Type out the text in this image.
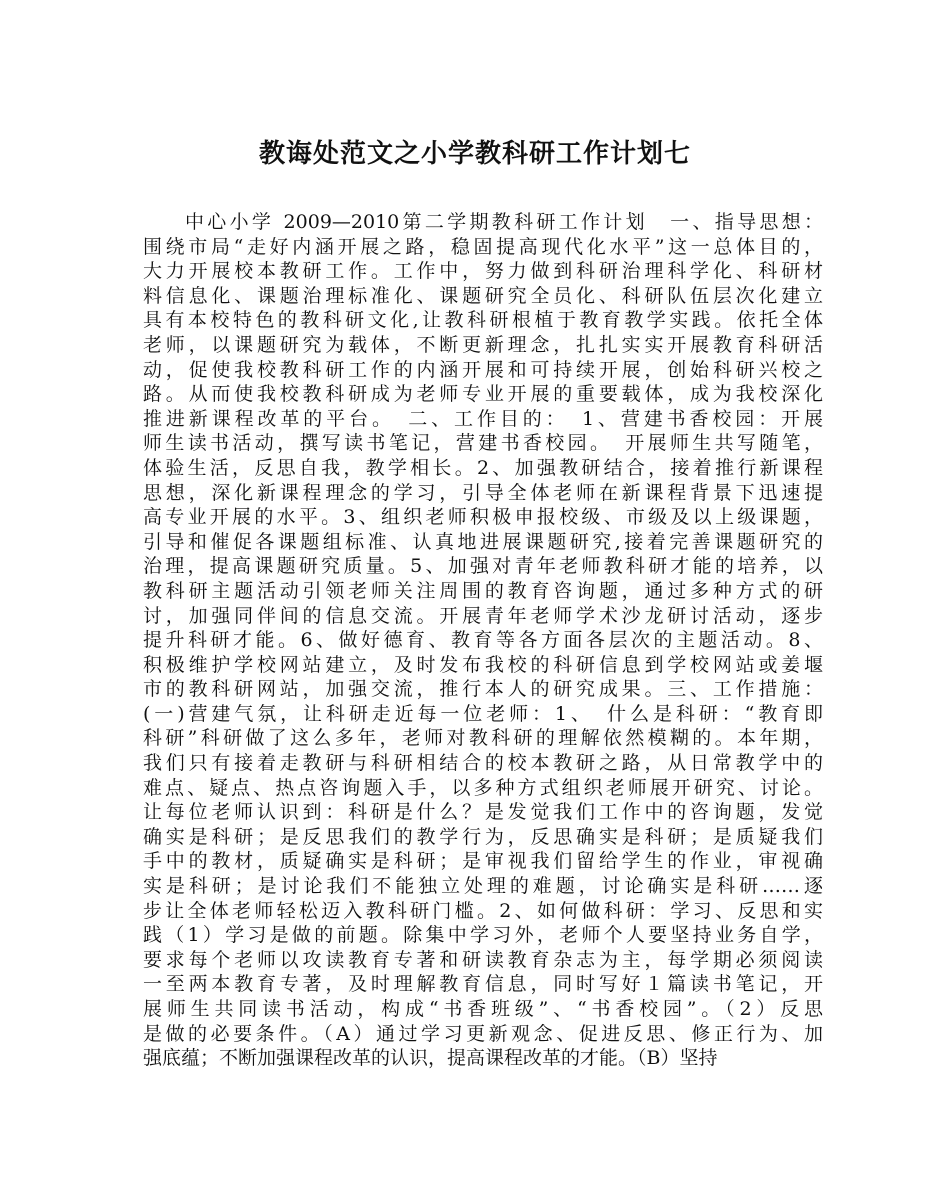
教诲处范文之小学教科研工作计划七
中心小学 2009—2010第二学期教科研工作计划　一、指导思想：
围绕市局“走好内涵开展之路，稳固提高现代化水平”这一总体目的，
大力开展校本教研工作。工作中，努力做到科研治理科学化、科研材
料信息化、课题治理标准化、课题研究全员化、科研队伍层次化建立
具有本校特色的教科研文化,让教科研根植于教育教学实践。依托全体
老师，以课题研究为载体，不断更新理念，扎扎实实开展教育科研活
动，促使我校教科研工作的内涵开展和可持续开展，创始科研兴校之
路。从而使我校教科研成为老师专业开展的重要载体，成为我校深化
推进新课程改革的平台。　二、工作目的：　1、营建书香校园：开展
师生读书活动，撰写读书笔记，营建书香校园。　开展师生共写随笔，
体验生活，反思自我，教学相长。2、加强教研结合，接着推行新课程
思想，深化新课程理念的学习，引导全体老师在新课程背景下迅速提
高专业开展的水平。3、组织老师积极申报校级、市级及以上级课题，
引导和催促各课题组标准、认真地进展课题研究,接着完善课题研究的
治理，提高课题研究质量。5、加强对青年老师教科研才能的培养，以
教科研主题活动引领老师关注周围的教育咨询题，通过多种方式的研
讨，加强同伴间的信息交流。开展青年老师学术沙龙研讨活动，逐步
提升科研才能。6、做好德育、教育等各方面各层次的主题活动。8、
积极维护学校网站建立，及时发布我校的科研信息到学校网站或姜堰
市的教科研网站，加强交流，推行本人的研究成果。三、工作措施：
(一)营建气氛，让科研走近每一位老师：1、　什么是科研：“教育即
科研”科研做了这么多年，老师对教科研的理解依然模糊的。本年期，
我们只有接着走教研与科研相结合的校本教研之路，从日常教学中的
难点、疑点、热点咨询题入手，以多种方式组织老师展开研究、讨论。
让每位老师认识到：科研是什么？是发觉我们工作中的咨询题，发觉
确实是科研；是反思我们的教学行为，反思确实是科研；是质疑我们
手中的教材，质疑确实是科研；是审视我们留给学生的作业，审视确
实是科研；是讨论我们不能独立处理的难题，讨论确实是科研……逐
步让全体老师轻松迈入教科研门槛。2、如何做科研：学习、反思和实
践（1）学习是做的前题。除集中学习外，老师个人要坚持业务自学，
要求每个老师以攻读教育专著和研读教育杂志为主，每学期必须阅读
一至两本教育专著，及时理解教育信息，同时写好１篇读书笔记，开
展师生共同读书活动，构成“书香班级”、“书香校园”。（2）反思
是做的必要条件。（A）通过学习更新观念、促进反思、修正行为、加
强底蕴；不断加强课程改革的认识，提高课程改革的才能。（B）坚持
